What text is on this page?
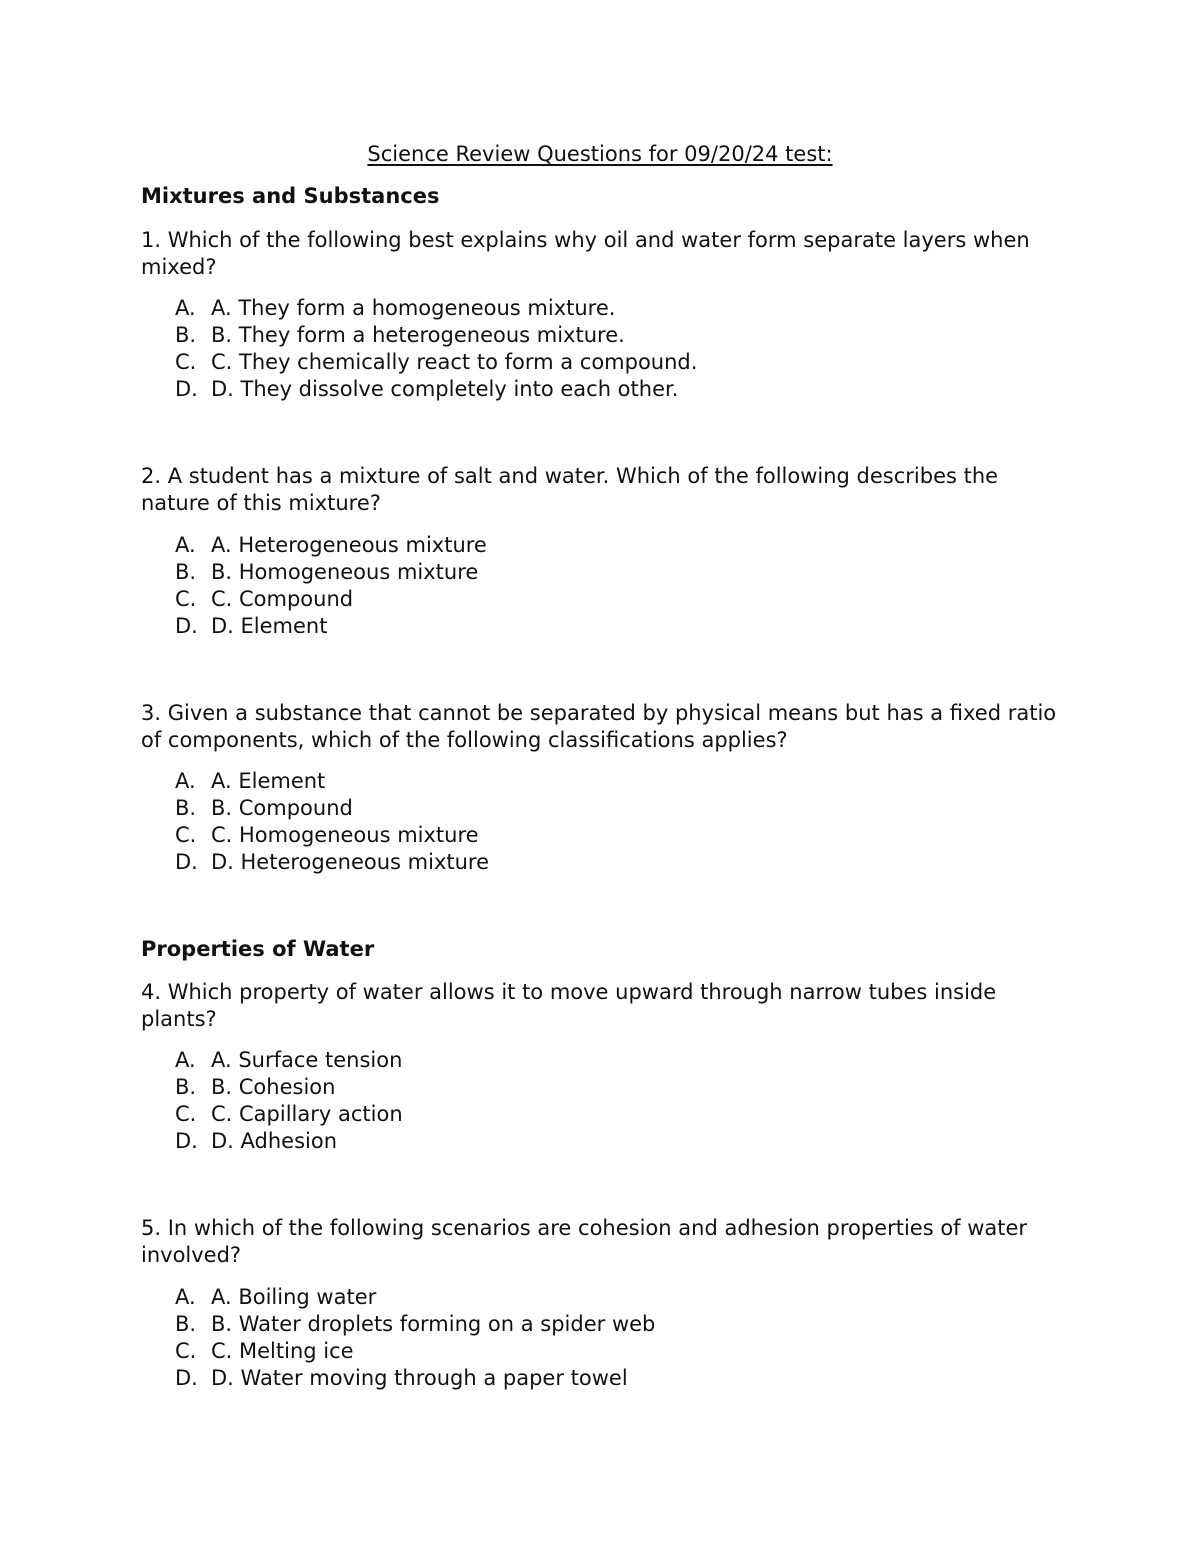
Science Review Questions for 09/20/24 test:
Mixtures and Substances

1. Which of the following best explains why oil and water form separate layers when mixed?

A. A. They form a homogeneous mixture.
B. B. They form a heterogeneous mixture.
C. C. They chemically react to form a compound.
D. D. They dissolve completely into each other.

2. A student has a mixture of salt and water. Which of the following describes the nature of this mixture?

A. A. Heterogeneous mixture
B. B. Homogeneous mixture
C. C. Compound
D. D. Element

3. Given a substance that cannot be separated by physical means but has a fixed ratio of components, which of the following classifications applies?

A. A. Element
B. B. Compound
C. C. Homogeneous mixture
D. D. Heterogeneous mixture
Properties of Water

4. Which property of water allows it to move upward through narrow tubes inside plants?

A. A. Surface tension
B. B. Cohesion
C. C. Capillary action
D. D. Adhesion

5. In which of the following scenarios are cohesion and adhesion properties of water involved?

A. A. Boiling water
B. B. Water droplets forming on a spider web
C. C. Melting ice
D. D. Water moving through a paper towel
